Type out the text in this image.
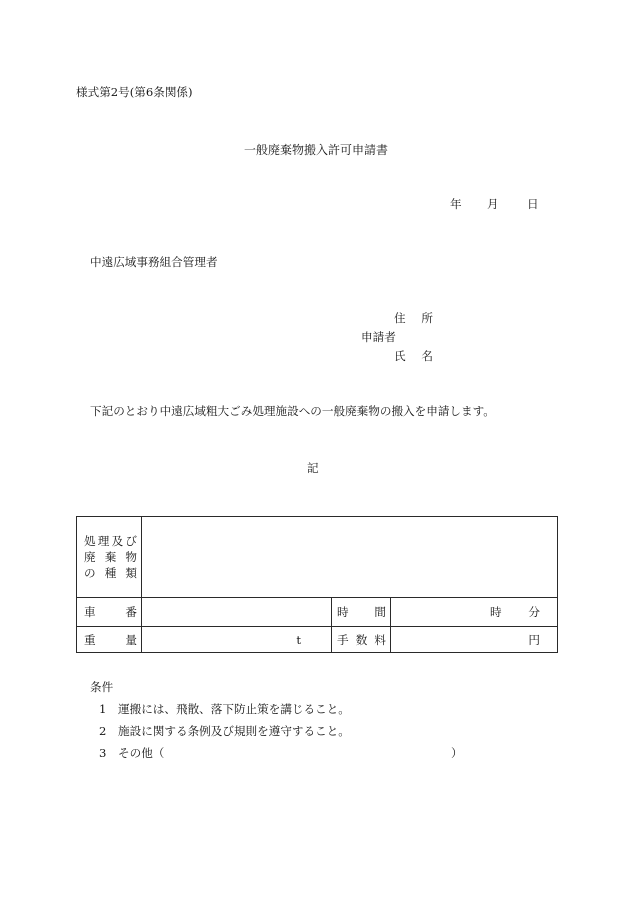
様式第2号(第6条関係)
一般廃棄物搬入許可申請書
年 月 日
中遠広域事務組合管理者
住所
申請者
氏名
下記のとおり中遠広域粗大ごみ処理施設への一般廃棄物の搬入を申請します。
記
処理及び
廃棄物
の種類			

車番		時間	時 分

重量	t	手数料	円
条件
1 運搬には、飛散、落下防止策を講じること。
2 施設に関する条例及び規則を遵守すること。
3 その他（	）
